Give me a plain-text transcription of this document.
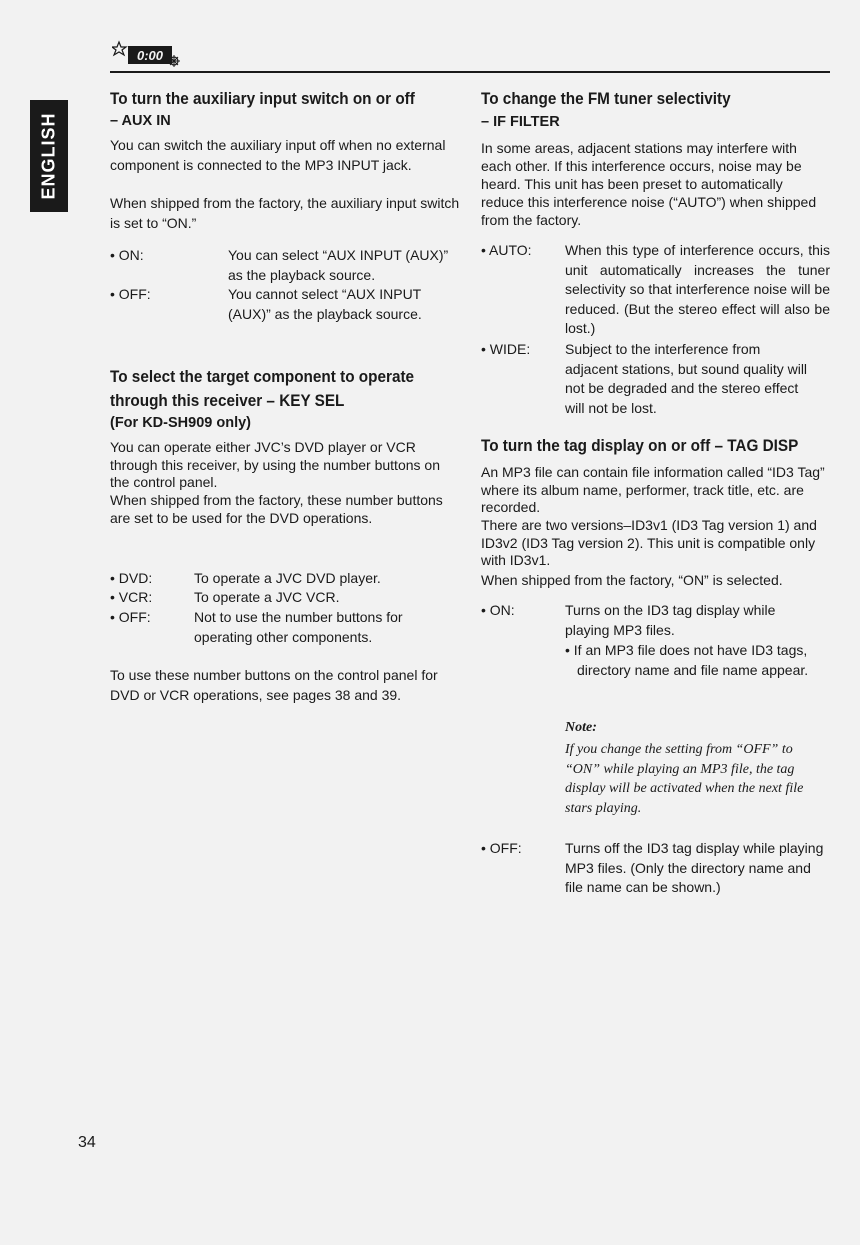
0:00
ENGLISH
To turn the auxiliary input switch on or off
– AUX IN
You can switch the auxiliary input off when no external component is connected to the MP3 INPUT jack.
When shipped from the factory, the auxiliary input switch is set to “ON.”
• ON:	You can select “AUX INPUT (AUX)” as the playback source.
• OFF:	You cannot select “AUX INPUT (AUX)” as the playback source.
To select the target component to operate
through this receiver – KEY SEL
(For KD-SH909 only)
You can operate either JVC’s DVD player or VCR through this receiver, by using the number buttons on the control panel.
When shipped from the factory, these number buttons are set to be used for the DVD operations.
• DVD:	To operate a JVC DVD player.
• VCR:	To operate a JVC VCR.
• OFF:	Not to use the number buttons for operating other components.
To use these number buttons on the control panel for DVD or VCR operations, see pages 38 and 39.
To change the FM tuner selectivity
– IF FILTER
In some areas, adjacent stations may interfere with each other. If this interference occurs, noise may be heard. This unit has been preset to automatically reduce this interference noise (“AUTO”) when shipped from the factory.
• AUTO: When this type of interference occurs, this unit automatically increases the tuner selectivity so that interference noise will be reduced. (But the stereo effect will also be lost.)
• WIDE: Subject to the interference from adjacent stations, but sound quality will not be degraded and the stereo effect will not be lost.
To turn the tag display on or off – TAG DISP
An MP3 file can contain file information called “ID3 Tag” where its album name, performer, track title, etc. are recorded.
There are two versions–ID3v1 (ID3 Tag version 1) and ID3v2 (ID3 Tag version 2). This unit is compatible only with ID3v1.
When shipped from the factory, “ON” is selected.
• ON:	Turns on the ID3 tag display while playing MP3 files.
• If an MP3 file does not have ID3 tags, directory name and file name appear.
Note:
If you change the setting from “OFF” to “ON” while playing an MP3 file, the tag display will be activated when the next file stars playing.
• OFF:	Turns off the ID3 tag display while playing MP3 files. (Only the directory name and file name can be shown.)
34
